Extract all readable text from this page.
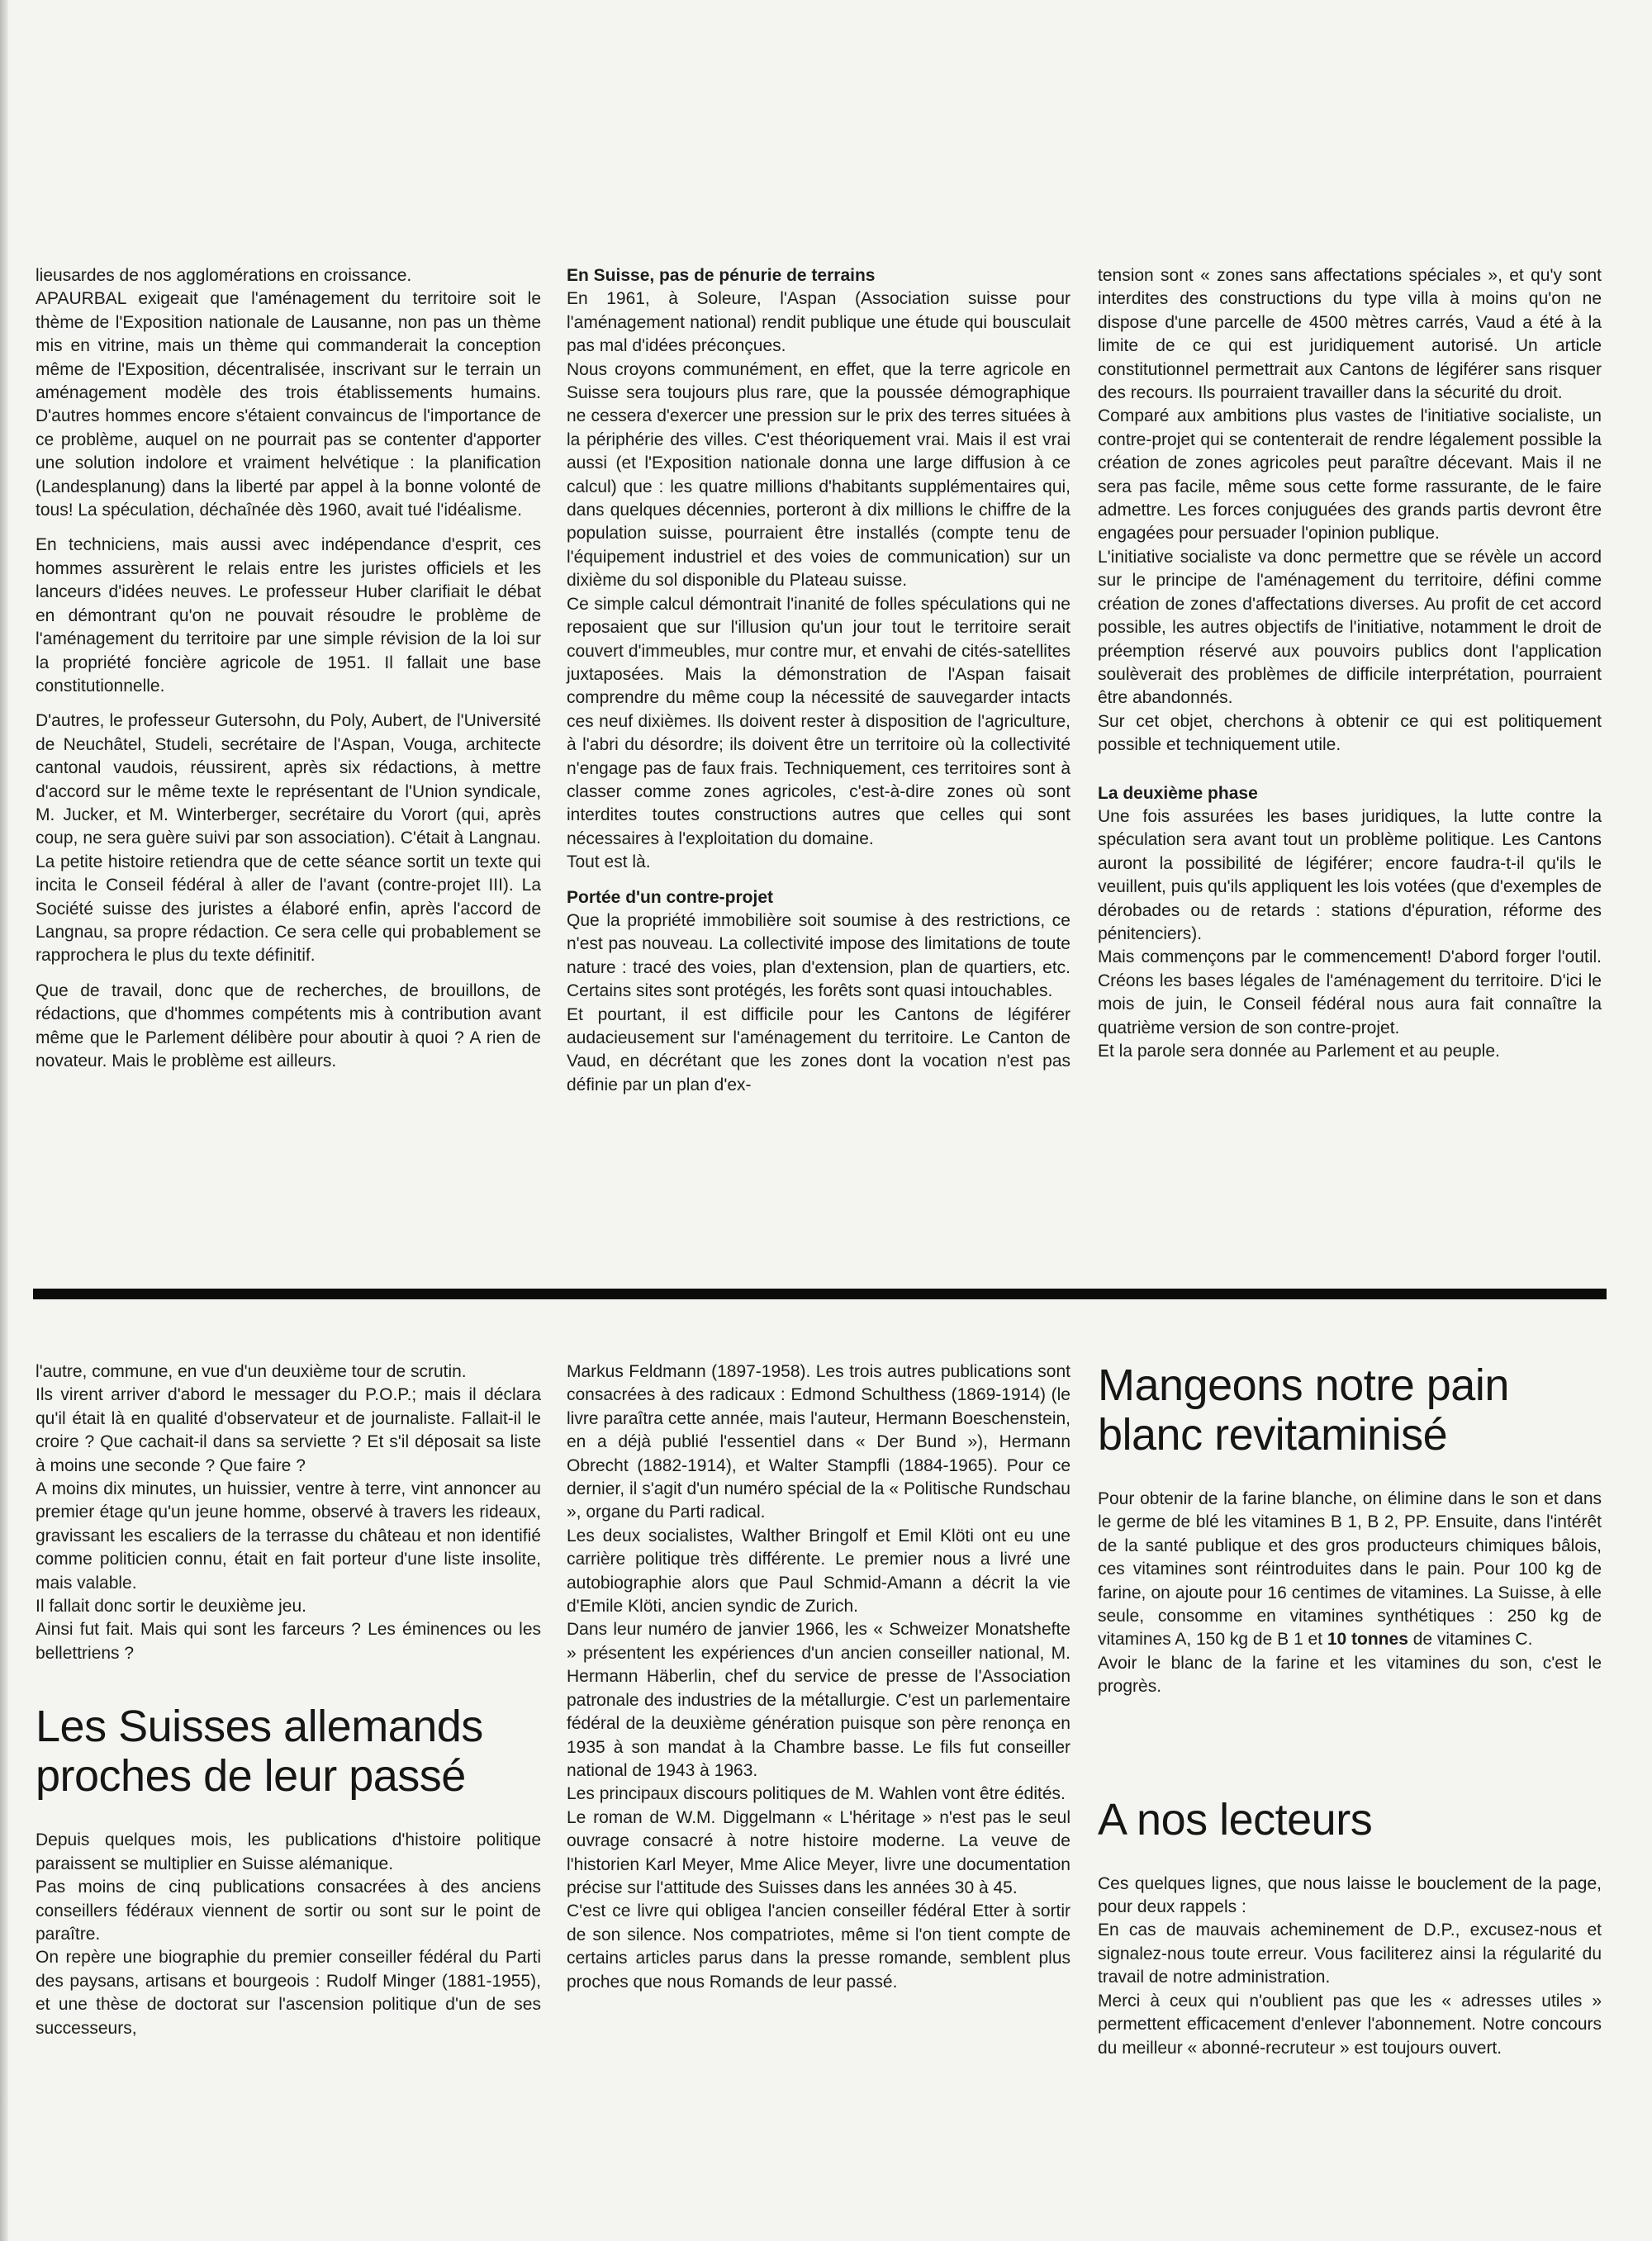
lieusardes de nos agglomérations en croissance.

APAURBAL exigeait que l'aménagement du territoire soit le thème de l'Exposition nationale de Lausanne, non pas un thème mis en vitrine, mais un thème qui commanderait la conception même de l'Exposition, décentralisée, inscrivant sur le terrain un aménagement modèle des trois établissements humains. D'autres hommes encore s'étaient convaincus de l'importance de ce problème, auquel on ne pourrait pas se contenter d'apporter une solution indolore et vraiment helvétique : la planification (Landesplanung) dans la liberté par appel à la bonne volonté de tous! La spéculation, déchaînée dès 1960, avait tué l'idéalisme.

En techniciens, mais aussi avec indépendance d'esprit, ces hommes assurèrent le relais entre les juristes officiels et les lanceurs d'idées neuves. Le professeur Huber clarifiait le débat en démontrant qu'on ne pouvait résoudre le problème de l'aménagement du territoire par une simple révision de la loi sur la propriété foncière agricole de 1951. Il fallait une base constitutionnelle.

D'autres, le professeur Gutersohn, du Poly, Aubert, de l'Université de Neuchâtel, Studeli, secrétaire de l'Aspan, Vouga, architecte cantonal vaudois, réussirent, après six rédactions, à mettre d'accord sur le même texte le représentant de l'Union syndicale, M. Jucker, et M. Winterberger, secrétaire du Vorort (qui, après coup, ne sera guère suivi par son association). C'était à Langnau. La petite histoire retiendra que de cette séance sortit un texte qui incita le Conseil fédéral à aller de l'avant (contre-projet III). La Société suisse des juristes a élaboré enfin, après l'accord de Langnau, sa propre rédaction. Ce sera celle qui probablement se rapprochera le plus du texte définitif.

Que de travail, donc que de recherches, de brouillons, de rédactions, que d'hommes compétents mis à contribution avant même que le Parlement délibère pour aboutir à quoi ? A rien de novateur. Mais le problème est ailleurs.

En Suisse, pas de pénurie de terrains

En 1961, à Soleure, l'Aspan (Association suisse pour l'aménagement national) rendit publique une étude qui bousculait pas mal d'idées préconçues.

Nous croyons communément, en effet, que la terre agricole en Suisse sera toujours plus rare, que la poussée démographique ne cessera d'exercer une pression sur le prix des terres situées à la périphérie des villes. C'est théoriquement vrai. Mais il est vrai aussi (et l'Exposition nationale donna une large diffusion à ce calcul) que : les quatre millions d'habitants supplémentaires qui, dans quelques décennies, porteront à dix millions le chiffre de la population suisse, pourraient être installés (compte tenu de l'équipement industriel et des voies de communication) sur un dixième du sol disponible du Plateau suisse.

Ce simple calcul démontrait l'inanité de folles spéculations qui ne reposaient que sur l'illusion qu'un jour tout le territoire serait couvert d'immeubles, mur contre mur, et envahi de cités-satellites juxtaposées. Mais la démonstration de l'Aspan faisait comprendre du même coup la nécessité de sauvegarder intacts ces neuf dixièmes. Ils doivent rester à disposition de l'agriculture, à l'abri du désordre; ils doivent être un territoire où la collectivité n'engage pas de faux frais. Techniquement, ces territoires sont à classer comme zones agricoles, c'est-à-dire zones où sont interdites toutes constructions autres que celles qui sont nécessaires à l'exploitation du domaine.

Tout est là.

Portée d'un contre-projet

Que la propriété immobilière soit soumise à des restrictions, ce n'est pas nouveau. La collectivité impose des limitations de toute nature : tracé des voies, plan d'extension, plan de quartiers, etc. Certains sites sont protégés, les forêts sont quasi intouchables.

Et pourtant, il est difficile pour les Cantons de légiférer audacieusement sur l'aménagement du territoire. Le Canton de Vaud, en décrétant que les zones dont la vocation n'est pas définie par un plan d'ex-

tension sont « zones sans affectations spéciales », et qu'y sont interdites des constructions du type villa à moins qu'on ne dispose d'une parcelle de 4500 mètres carrés, Vaud a été à la limite de ce qui est juridiquement autorisé. Un article constitutionnel permettrait aux Cantons de légiférer sans risquer des recours. Ils pourraient travailler dans la sécurité du droit.

Comparé aux ambitions plus vastes de l'initiative socialiste, un contre-projet qui se contenterait de rendre légalement possible la création de zones agricoles peut paraître décevant. Mais il ne sera pas facile, même sous cette forme rassurante, de le faire admettre. Les forces conjuguées des grands partis devront être engagées pour persuader l'opinion publique.

L'initiative socialiste va donc permettre que se révèle un accord sur le principe de l'aménagement du territoire, défini comme création de zones d'affectations diverses. Au profit de cet accord possible, les autres objectifs de l'initiative, notamment le droit de préemption réservé aux pouvoirs publics dont l'application soulèverait des problèmes de difficile interprétation, pourraient être abandonnés.

Sur cet objet, cherchons à obtenir ce qui est politiquement possible et techniquement utile.

La deuxième phase

Une fois assurées les bases juridiques, la lutte contre la spéculation sera avant tout un problème politique. Les Cantons auront la possibilité de légiférer; encore faudra-t-il qu'ils le veuillent, puis qu'ils appliquent les lois votées (que d'exemples de dérobades ou de retards : stations d'épuration, réforme des pénitenciers).

Mais commençons par le commencement! D'abord forger l'outil. Créons les bases légales de l'aménagement du territoire. D'ici le mois de juin, le Conseil fédéral nous aura fait connaître la quatrième version de son contre-projet.

Et la parole sera donnée au Parlement et au peuple.

l'autre, commune, en vue d'un deuxième tour de scrutin.

Ils virent arriver d'abord le messager du P.O.P.; mais il déclara qu'il était là en qualité d'observateur et de journaliste. Fallait-il le croire ? Que cachait-il dans sa serviette ? Et s'il déposait sa liste à moins une seconde ? Que faire ?

A moins dix minutes, un huissier, ventre à terre, vint annoncer au premier étage qu'un jeune homme, observé à travers les rideaux, gravissant les escaliers de la terrasse du château et non identifié comme politicien connu, était en fait porteur d'une liste insolite, mais valable.

Il fallait donc sortir le deuxième jeu.

Ainsi fut fait. Mais qui sont les farceurs ? Les éminences ou les bellettriens ?

Les Suisses allemands proches de leur passé

Depuis quelques mois, les publications d'histoire politique paraissent se multiplier en Suisse alémanique.

Pas moins de cinq publications consacrées à des anciens conseillers fédéraux viennent de sortir ou sont sur le point de paraître.

On repère une biographie du premier conseiller fédéral du Parti des paysans, artisans et bourgeois : Rudolf Minger (1881-1955), et une thèse de doctorat sur l'ascension politique d'un de ses successeurs,

Markus Feldmann (1897-1958). Les trois autres publications sont consacrées à des radicaux : Edmond Schulthess (1869-1914) (le livre paraîtra cette année, mais l'auteur, Hermann Boeschenstein, en a déjà publié l'essentiel dans « Der Bund »), Hermann Obrecht (1882-1914), et Walter Stampfli (1884-1965). Pour ce dernier, il s'agit d'un numéro spécial de la « Politische Rundschau », organe du Parti radical.

Les deux socialistes, Walther Bringolf et Emil Klöti ont eu une carrière politique très différente. Le premier nous a livré une autobiographie alors que Paul Schmid-Amann a décrit la vie d'Emile Klöti, ancien syndic de Zurich.

Dans leur numéro de janvier 1966, les « Schweizer Monatshefte » présentent les expériences d'un ancien conseiller national, M. Hermann Häberlin, chef du service de presse de l'Association patronale des industries de la métallurgie. C'est un parlementaire fédéral de la deuxième génération puisque son père renonça en 1935 à son mandat à la Chambre basse. Le fils fut conseiller national de 1943 à 1963.

Les principaux discours politiques de M. Wahlen vont être édités.

Le roman de W.M. Diggelmann « L'héritage » n'est pas le seul ouvrage consacré à notre histoire moderne. La veuve de l'historien Karl Meyer, Mme Alice Meyer, livre une documentation précise sur l'attitude des Suisses dans les années 30 à 45.

C'est ce livre qui obligea l'ancien conseiller fédéral Etter à sortir de son silence. Nos compatriotes, même si l'on tient compte de certains articles parus dans la presse romande, semblent plus proches que nous Romands de leur passé.

Mangeons notre pain blanc revitaminisé

Pour obtenir de la farine blanche, on élimine dans le son et dans le germe de blé les vitamines B 1, B 2, PP. Ensuite, dans l'intérêt de la santé publique et des gros producteurs chimiques bâlois, ces vitamines sont réintroduites dans le pain. Pour 100 kg de farine, on ajoute pour 16 centimes de vitamines. La Suisse, à elle seule, consomme en vitamines synthétiques : 250 kg de vitamines A, 150 kg de B 1 et 10 tonnes de vitamines C.

Avoir le blanc de la farine et les vitamines du son, c'est le progrès.

A nos lecteurs

Ces quelques lignes, que nous laisse le bouclement de la page, pour deux rappels :

En cas de mauvais acheminement de D.P., excusez-nous et signalez-nous toute erreur. Vous faciliterez ainsi la régularité du travail de notre administration.

Merci à ceux qui n'oublient pas que les « adresses utiles » permettent efficacement d'enlever l'abonnement. Notre concours du meilleur « abonné-recruteur » est toujours ouvert.
